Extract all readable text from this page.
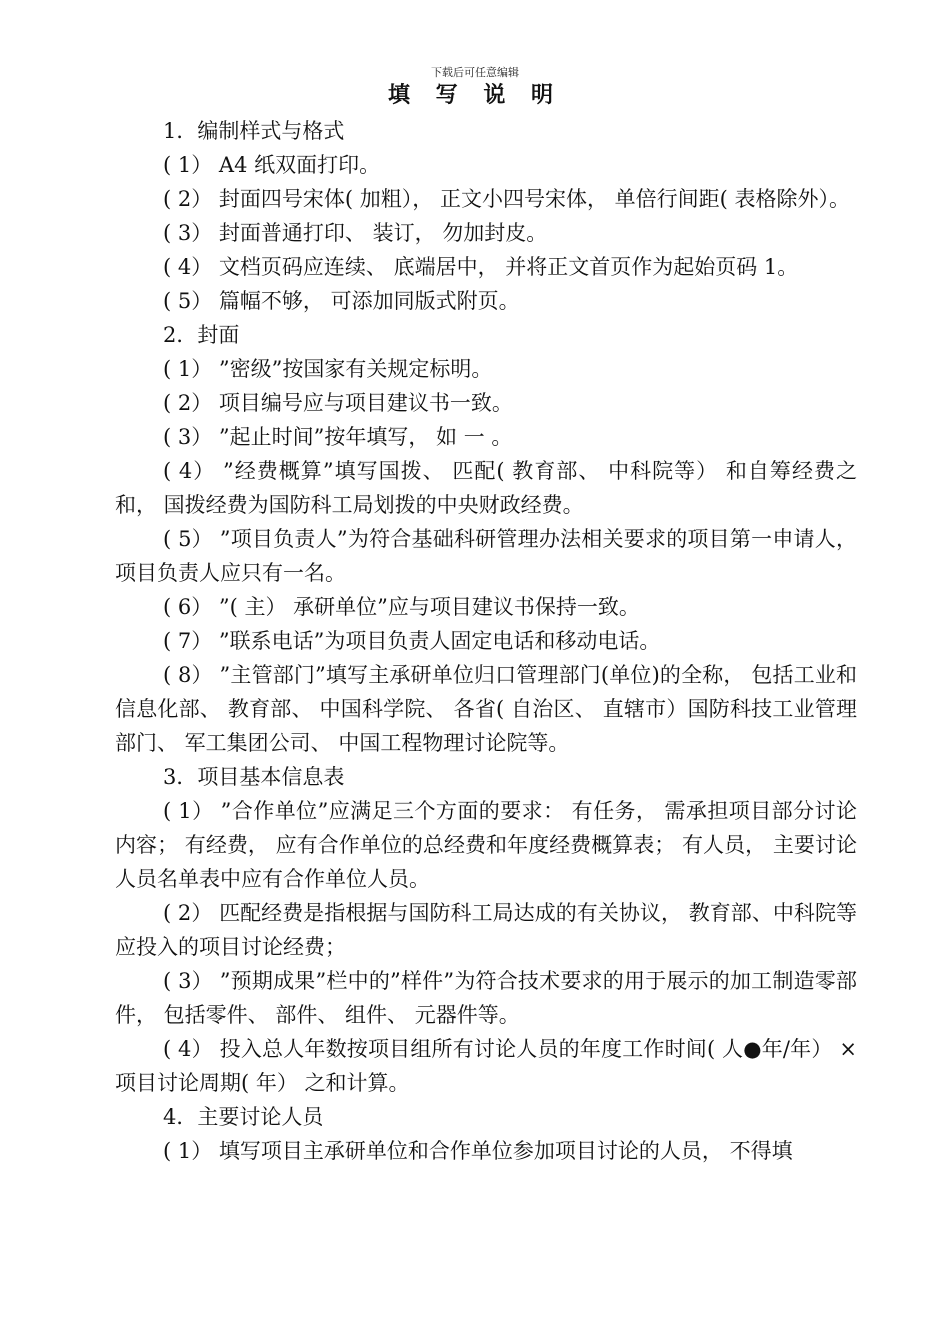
下载后可任意编辑
填 写 说 明

1．编制样式与格式

( 1） A4 纸双面打印。

( 2） 封面四号宋体( 加粗）， 正文小四号宋体， 单倍行间距( 表格除外）。

( 3） 封面普通打印、 装订， 勿加封皮。

( 4） 文档页码应连续、 底端居中， 并将正文首页作为起始页码 1。

( 5） 篇幅不够， 可添加同版式附页。

2．封面

( 1） ”密级”按国家有关规定标明。

( 2） 项目编号应与项目建议书一致。

( 3） ”起止时间”按年填写， 如 一 。

( 4） ”经费概算”填写国拨、 匹配( 教育部、 中科院等） 和自筹经费之和， 国拨经费为国防科工局划拨的中央财政经费。

( 5） ”项目负责人”为符合基础科研管理办法相关要求的项目第一申请人， 项目负责人应只有一名。

( 6） ”( 主） 承研单位”应与项目建议书保持一致。

( 7） ”联系电话”为项目负责人固定电话和移动电话。

( 8） ”主管部门”填写主承研单位归口管理部门(单位)的全称， 包括工业和信息化部、 教育部、 中国科学院、 各省( 自治区、 直辖市）国防科技工业管理部门、 军工集团公司、 中国工程物理讨论院等。

3．项目基本信息表

( 1） ”合作单位”应满足三个方面的要求： 有任务， 需承担项目部分讨论内容； 有经费， 应有合作单位的总经费和年度经费概算表； 有人员， 主要讨论人员名单表中应有合作单位人员。

( 2） 匹配经费是指根据与国防科工局达成的有关协议， 教育部、中科院等应投入的项目讨论经费；

( 3） ”预期成果”栏中的”样件”为符合技术要求的用于展示的加工制造零部件， 包括零件、 部件、 组件、 元器件等。

( 4） 投入总人年数按项目组所有讨论人员的年度工作时间( 人●年/年） ×项目讨论周期( 年） 之和计算。

4．主要讨论人员

( 1） 填写项目主承研单位和合作单位参加项目讨论的人员， 不得填
